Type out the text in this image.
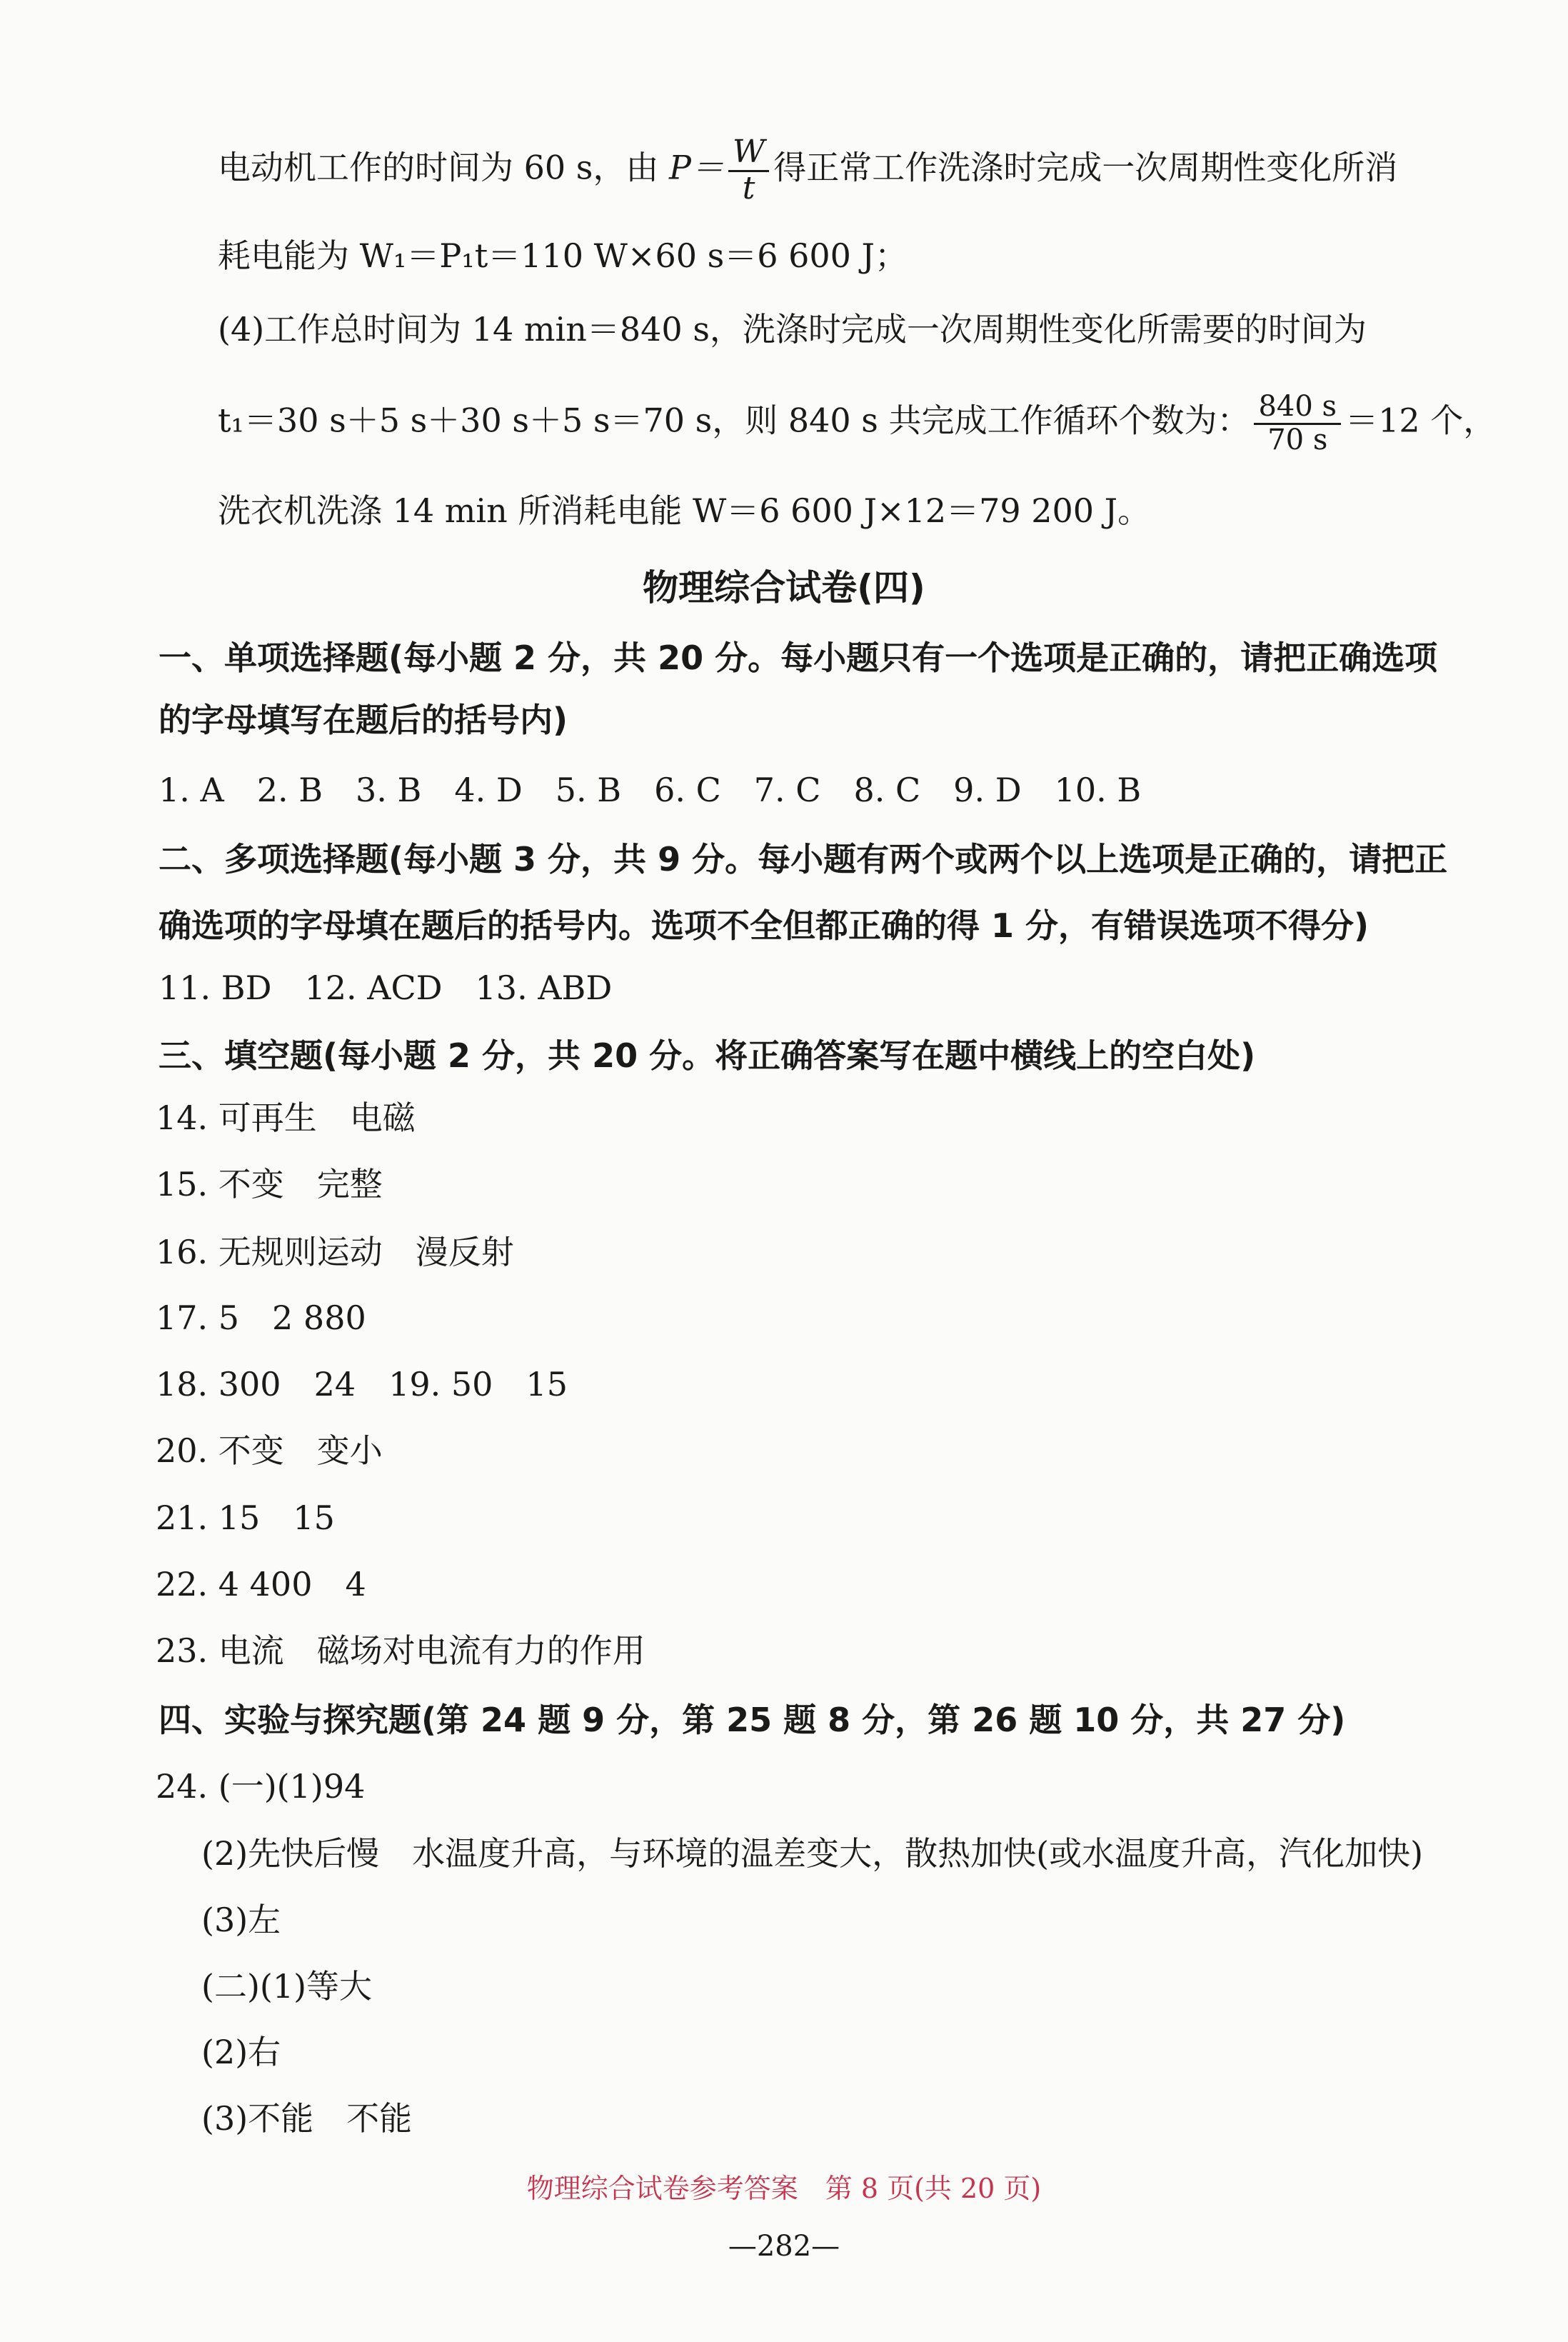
电动机工作的时间为 60 s，由 $P= \frac{W}{t}$ 得正常工作洗涤时完成一次周期性变化所消
耗电能为 W₁＝P₁t＝110 W×60 s＝6 600 J；
(4)工作总时间为 14 min＝840 s，洗涤时完成一次周期性变化所需要的时间为
t₁＝30 s＋5 s＋30 s＋5 s＝70 s，则 840 s 共完成工作循环个数为： $\frac{840 s}{70 s} =12$ 个，
洗衣机洗涤 14 min 所消耗电能 W＝6 600 J×12＝79 200 J。
物理综合试卷(四)
一、单项选择题(每小题 2 分，共 20 分。每小题只有一个选项是正确的，请把正确选项
的字母填写在题后的括号内)
1. A　2. B　3. B　4. D　5. B　6. C　7. C　8. C　9. D　10. B
二、多项选择题(每小题 3 分，共 9 分。每小题有两个或两个以上选项是正确的，请把正
确选项的字母填在题后的括号内。选项不全但都正确的得 1 分，有错误选项不得分)
11. BD　12. ACD　13. ABD
三、填空题(每小题 2 分，共 20 分。将正确答案写在题中横线上的空白处)
14. 可再生　电磁
15. 不变　完整
16. 无规则运动　漫反射
17. 5　2 880
18. 300　24　19. 50　15
20. 不变　变小
21. 15　15
22. 4 400　4
23. 电流　磁场对电流有力的作用
四、实验与探究题(第 24 题 9 分，第 25 题 8 分，第 26 题 10 分，共 27 分)
24. (一)(1)94
(2)先快后慢　水温度升高，与环境的温差变大，散热加快(或水温度升高，汽化加快)
(3)左
(二)(1)等大
(2)右
(3)不能　不能
物理综合试卷参考答案　第 8 页(共 20 页)
—282—
